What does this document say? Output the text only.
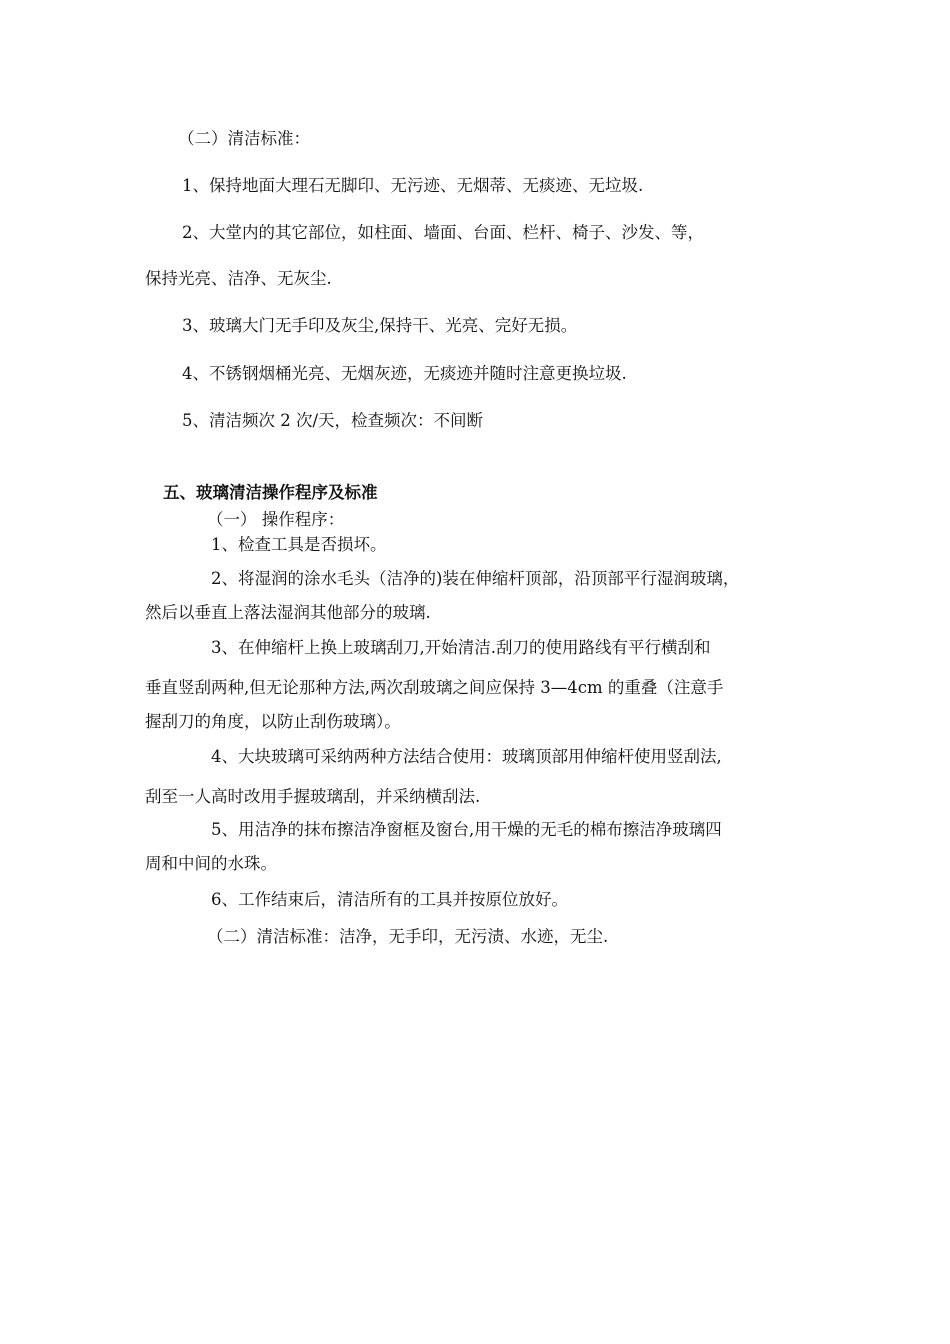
（二）清洁标准：
1、保持地面大理石无脚印、无污迹、无烟蒂、无痰迹、无垃圾.
2、大堂内的其它部位，如柱面、墙面、台面、栏杆、椅子、沙发、等，
保持光亮、洁净、无灰尘.
3、玻璃大门无手印及灰尘,保持干、光亮、完好无损。
4、不锈钢烟桶光亮、无烟灰迹，无痰迹并随时注意更换垃圾.
5、清洁频次 2 次/天，检查频次：不间断
五、玻璃清洁操作程序及标准
（一） 操作程序：
1、检查工具是否损坏。
2、将湿润的涂水毛头（洁净的)装在伸缩杆顶部，沿顶部平行湿润玻璃，
然后以垂直上落法湿润其他部分的玻璃.
3、在伸缩杆上换上玻璃刮刀,开始清洁.刮刀的使用路线有平行横刮和
垂直竖刮两种,但无论那种方法,两次刮玻璃之间应保持 3—4cm 的重叠（注意手
握刮刀的角度，以防止刮伤玻璃）。
4、大块玻璃可采纳两种方法结合使用：玻璃顶部用伸缩杆使用竖刮法,
刮至一人高时改用手握玻璃刮，并采纳横刮法.
5、用洁净的抹布擦洁净窗框及窗台,用干燥的无毛的棉布擦洁净玻璃四
周和中间的水珠。
6、工作结束后，清洁所有的工具并按原位放好。
（二）清洁标准：洁净，无手印，无污渍、水迹，无尘.
